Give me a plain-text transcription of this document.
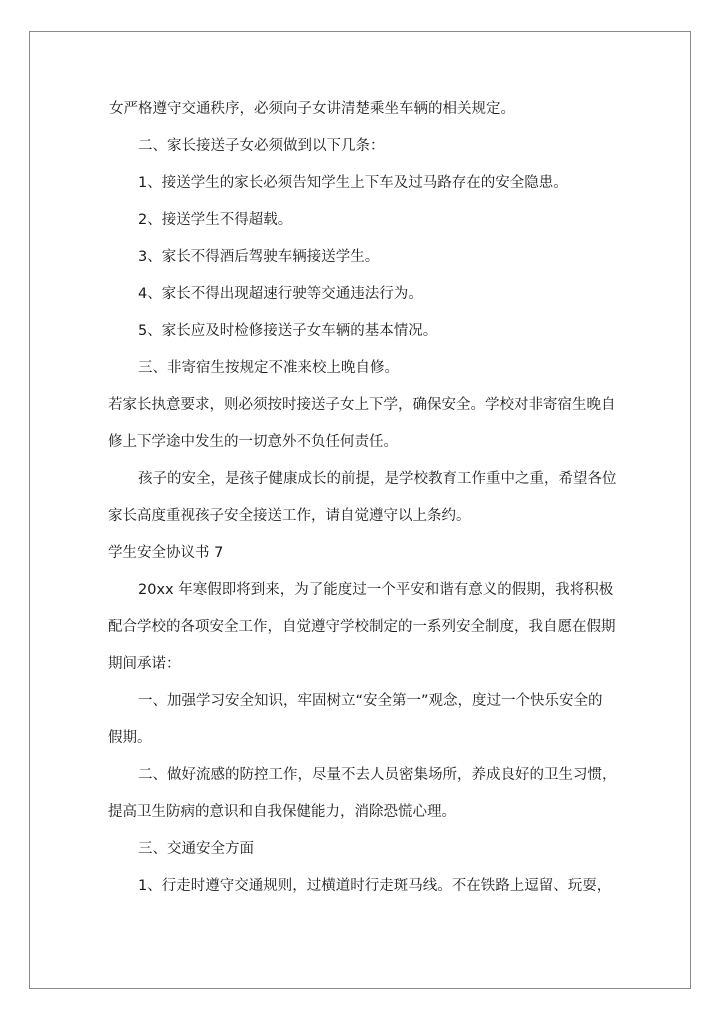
女严格遵守交通秩序，必须向子女讲清楚乘坐车辆的相关规定。

二、家长接送子女必须做到以下几条：

1、接送学生的家长必须告知学生上下车及过马路存在的安全隐患。

2、接送学生不得超载。

3、家长不得酒后驾驶车辆接送学生。

4、家长不得出现超速行驶等交通违法行为。

5、家长应及时检修接送子女车辆的基本情况。

三、非寄宿生按规定不准来校上晚自修。

若家长执意要求，则必须按时接送子女上下学，确保安全。学校对非寄宿生晚自

修上下学途中发生的一切意外不负任何责任。

孩子的安全，是孩子健康成长的前提，是学校教育工作重中之重，希望各位

家长高度重视孩子安全接送工作，请自觉遵守以上条约。

学生安全协议书 7

20xx 年寒假即将到来，为了能度过一个平安和谐有意义的假期，我将积极

配合学校的各项安全工作，自觉遵守学校制定的一系列安全制度，我自愿在假期

期间承诺：

一、加强学习安全知识，牢固树立“安全第一”观念，度过一个快乐安全的

假期。

二、做好流感的防控工作，尽量不去人员密集场所，养成良好的卫生习惯，

提高卫生防病的意识和自我保健能力，消除恐慌心理。

三、交通安全方面

1、行走时遵守交通规则，过横道时行走斑马线。不在铁路上逗留、玩耍，
